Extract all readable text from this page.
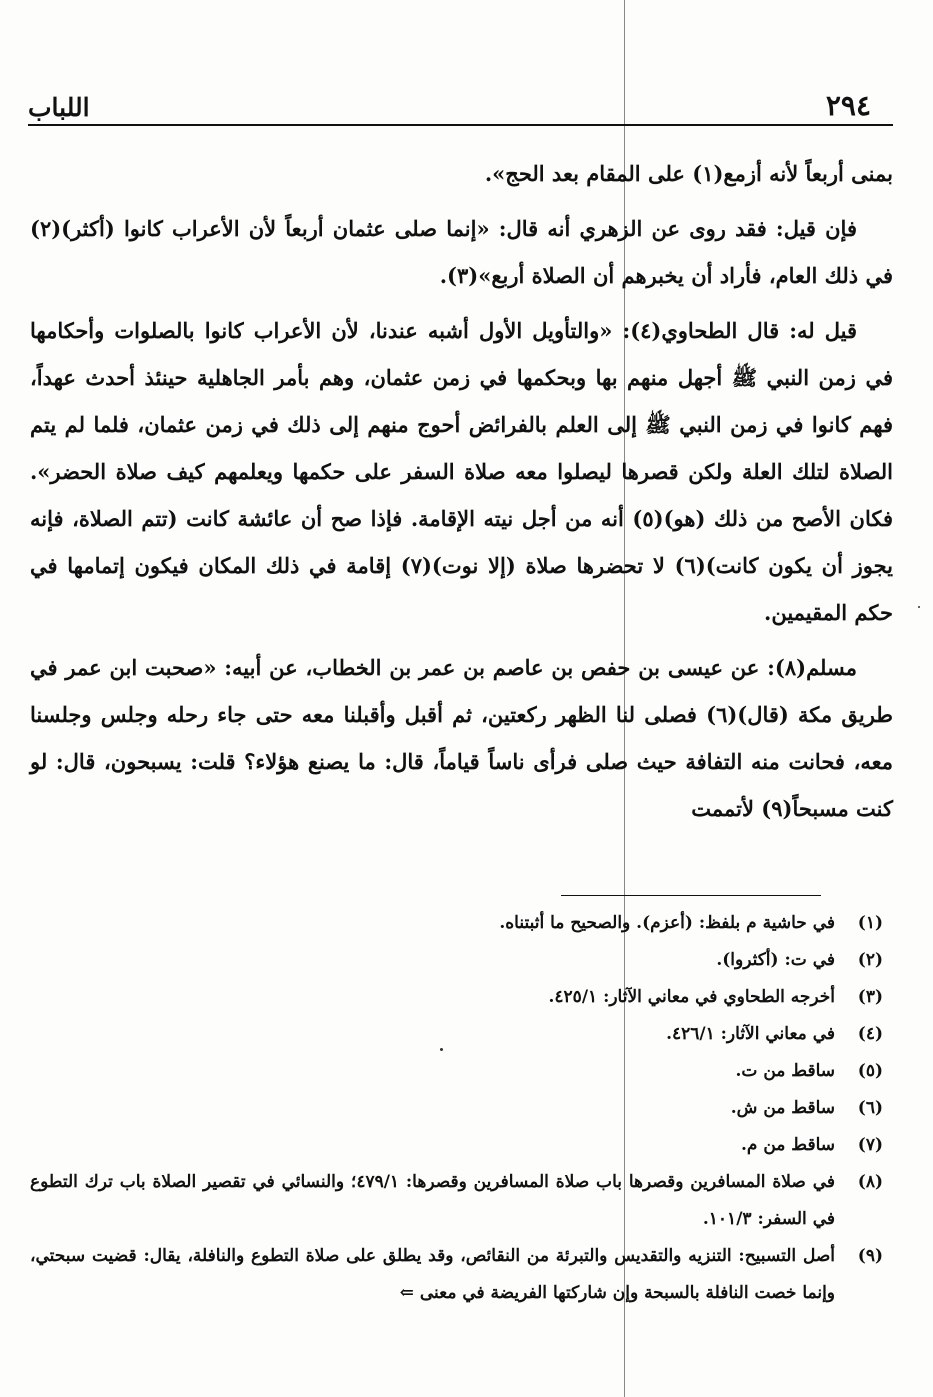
٢٩٤
اللباب

بمنى أربعاً لأنه أزمع(١) على المقام بعد الحج».

فإن قيل: فقد روى عن الزهري أنه قال: «إنما صلى عثمان أربعاً لأن الأعراب كانوا (أكثر)(٢) في ذلك العام، فأراد أن يخبرهم أن الصلاة أربع»(٣).

قيل له: قال الطحاوي(٤): «والتأويل الأول أشبه عندنا، لأن الأعراب كانوا بالصلوات وأحكامها في زمن النبي ﷺ أجهل منهم بها وبحكمها في زمن عثمان، وهم بأمر الجاهلية حينئذ أحدث عهداً، فهم كانوا في زمن النبي ﷺ إلى العلم بالفرائض أحوج منهم إلى ذلك في زمن عثمان، فلما لم يتم الصلاة لتلك العلة ولكن قصرها ليصلوا معه صلاة السفر على حكمها ويعلمهم كيف صلاة الحضر». فكان الأصح من ذلك (هو)(٥) أنه من أجل نيته الإقامة. فإذا صح أن عائشة كانت (تتم الصلاة، فإنه يجوز أن يكون كانت)(٦) لا تحضرها صلاة (إلا نوت)(٧) إقامة في ذلك المكان فيكون إتمامها في حكم المقيمين.

مسلم(٨): عن عيسى بن حفص بن عاصم بن عمر بن الخطاب، عن أبيه: «صحبت ابن عمر في طريق مكة (قال)(٦) فصلى لنا الظهر ركعتين، ثم أقبل وأقبلنا معه حتى جاء رحله وجلس وجلسنا معه، فحانت منه التفافة حيث صلى فرأى ناساً قياماً، قال: ما يصنع هؤلاء؟ قلت: يسبحون، قال: لو كنت مسبحاً(٩) لأتممت

(١)
في حاشية م بلفظ: (أعزم). والصحيح ما أثبتناه.
(٢)
في ت: (أكثروا).
(٣)
أخرجه الطحاوي في معاني الآثار: ٤٢٥/١.
(٤)
في معاني الآثار: ٤٢٦/١.
(٥)
ساقط من ت.
(٦)
ساقط من ش.
(٧)
ساقط من م.
(٨)
في صلاة المسافرين وقصرها باب صلاة المسافرين وقصرها: ٤٧٩/١؛ والنسائي في تقصير الصلاة باب ترك التطوع في السفر: ١٠١/٣.
(٩)
أصل التسبيح: التنزيه والتقديس والتبرئة من النقائص، وقد يطلق على صلاة التطوع والنافلة، يقال: قضيت سبحتي، وإنما خصت النافلة بالسبحة وإن شاركتها الفريضة في معنى ⇐
